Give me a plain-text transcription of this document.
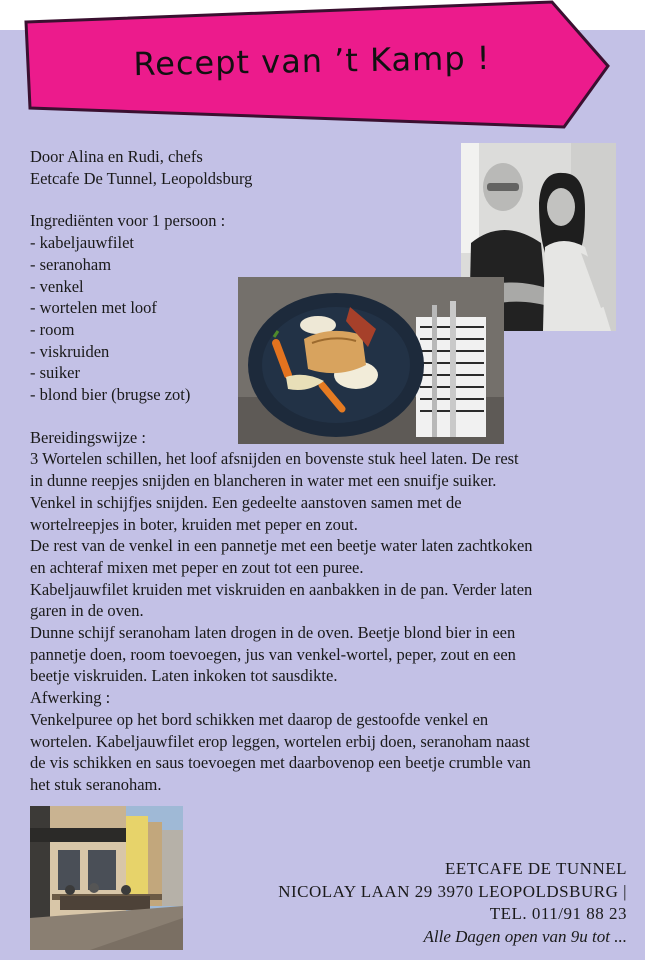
Recept van ’t Kamp !

Door Alina en Rudi, chefs

Eetcafe De Tunnel, Leopoldsburg

Ingrediënten voor 1 persoon :

- kabeljauwfilet
- seranoham
- venkel
- wortelen met loof
- room
- viskruiden
- suiker
- blond bier (brugse zot)

Bereidingswijze :

3 Wortelen schillen, het loof afsnijden en bovenste stuk heel laten. De rest

in dunne reepjes snijden en blancheren in water met een snuifje suiker.

Venkel in schijfjes snijden. Een gedeelte aanstoven samen met de

wortelreepjes in boter, kruiden met peper en zout.

De rest van de venkel in een pannetje met een beetje water laten zachtkoken

en achteraf mixen met peper en zout tot een puree.

Kabeljauwfilet kruiden met viskruiden en aanbakken in de pan. Verder laten

garen in de oven.

Dunne schijf seranoham laten drogen in de oven. Beetje blond bier in een

pannetje doen, room toevoegen, jus van venkel-wortel, peper, zout en een

beetje viskruiden. Laten inkoken tot sausdikte.

Afwerking :

Venkelpuree op het bord schikken met daarop de gestoofde venkel en

wortelen. Kabeljauwfilet erop leggen, wortelen erbij doen, seranoham naast

de vis schikken en saus toevoegen met daarbovenop een beetje crumble van

het stuk seranoham.

EETCAFE DE TUNNEL
NICOLAY LAAN 29 3970 LEOPOLDSBURG |
TEL. 011/91 88 23
Alle Dagen open van 9u tot ...
